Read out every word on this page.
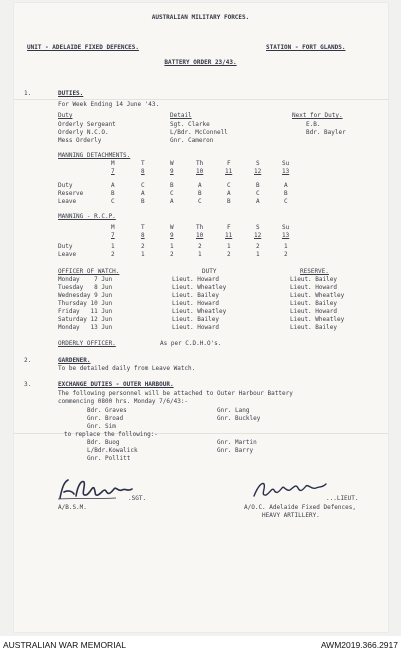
AUSTRALIAN MILITARY FORCES.
UNIT - ADELAIDE FIXED DEFENCES.	STATION - FORT GLANDS.
BATTERY ORDER 23/43.
1.	DUTIES.
For Week Ending 14 June '43.
Duty	Detail	Next for Duty.
Orderly Sergeant	Sgt. Clarke	E.B.
Orderly N.C.O.	L/Bdr. McConnell	Bdr. Bayler
Mess Orderly	Gnr. Cameron
MANNING DETACHMENTS.
M	T	W	Th	F	S	Su
7	8	9	10	11	12	13
Duty	A	C	B	A	C	B	A
Reserve	B	A	C	B	A	C	B
Leave	C	B	A	C	B	A	C
MANNING - R.C.P.
M	T	W	Th	F	S	Su
7	8	9	10	11	12	13
Duty	1	2	1	2	1	2	1
Leave	2	1	2	1	2	1	2
OFFICER OF WATCH.	DUTY	RESERVE.
Monday    7 Jun	Lieut. Howard	Lieut. Bailey
Tuesday   8 Jun	Lieut. Wheatley	Lieut. Howard
Wednesday 9 Jun	Lieut. Bailey	Lieut. Wheatley
Thursday 10 Jun	Lieut. Howard	Lieut. Bailey
Friday   11 Jun	Lieut. Wheatley	Lieut. Howard
Saturday 12 Jun	Lieut. Bailey	Lieut. Wheatley
Monday   13 Jun	Lieut. Howard	Lieut. Bailey
ORDERLY OFFICER.	As per C.D.H.O's.
2.	GARDENER.
To be detailed daily from Leave Watch.
3.	EXCHANGE DUTIES - OUTER HARBOUR.
The following personnel will be attached to Outer Harbour Battery
commencing 0800 hrs. Monday 7/6/43:-
Bdr. Graves
Gnr. Broad
Gnr. Sim
Gnr. Lang
Gnr. Buckley
to replace the following:-
Bdr. Buog
L/Bdr.Kowalick
Gnr. Pollitt
Gnr. Martin
Gnr. Barry
.SGT.
A/B.S.M.
...LIEUT.
A/O.C. Adelaide Fixed Defences,
HEAVY ARTILLERY.
AUSTRALIAN WAR MEMORIAL	AWM2019.366.2917
